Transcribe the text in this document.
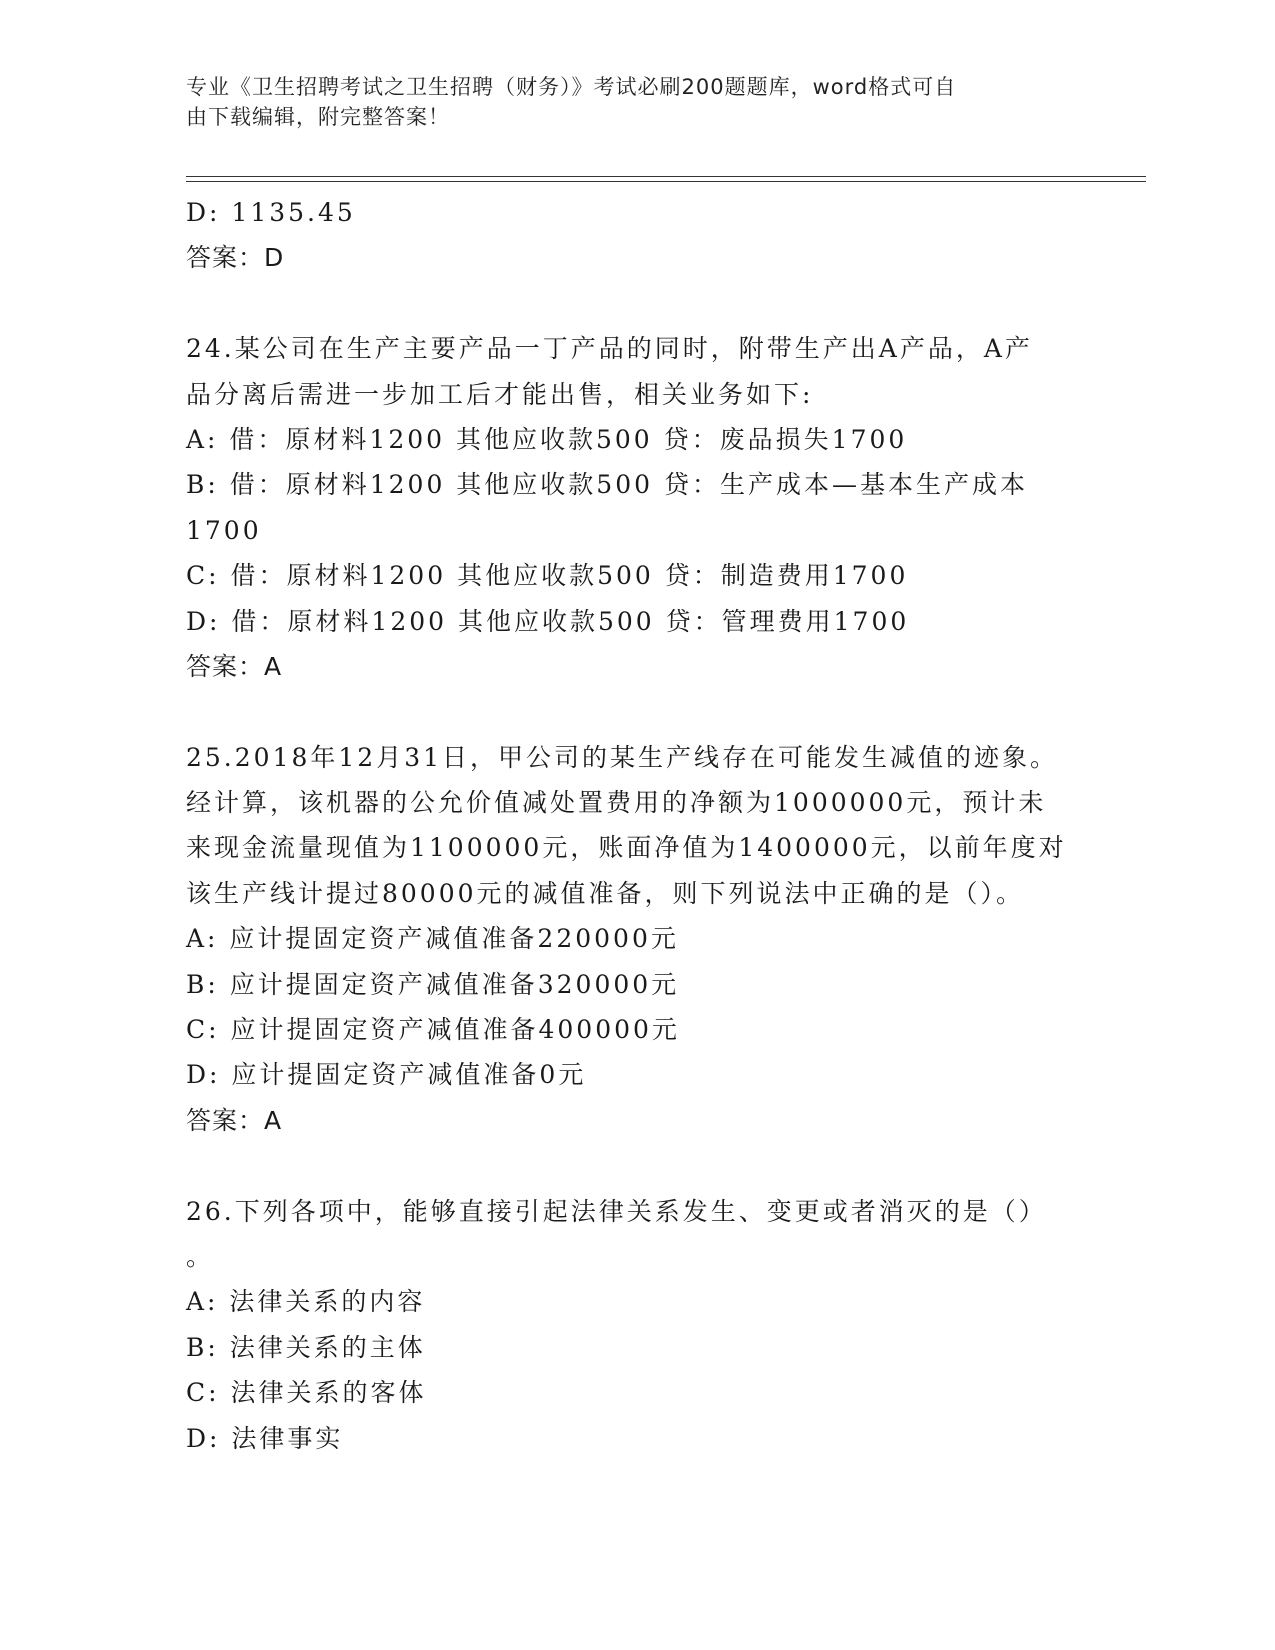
专业《卫生招聘考试之卫生招聘（财务）》考试必刷200题题库，word格式可自
由下载编辑，附完整答案！
D: 1135.45
答案：D
24.某公司在生产主要产品一丁产品的同时，附带生产出A产品，A产
品分离后需进一步加工后才能出售，相关业务如下:
A: 借：原材料1200 其他应收款500 贷：废品损失1700
B: 借：原材料1200 其他应收款500 贷：生产成本—基本生产成本
1700
C: 借：原材料1200 其他应收款500 贷：制造费用1700
D: 借：原材料1200 其他应收款500 贷：管理费用1700
答案：A
25.2018年12月31日，甲公司的某生产线存在可能发生减值的迹象。
经计算，该机器的公允价值减处置费用的净额为1000000元，预计未
来现金流量现值为1100000元，账面净值为1400000元，以前年度对
该生产线计提过80000元的减值准备，则下列说法中正确的是（）。
A: 应计提固定资产减值准备220000元
B: 应计提固定资产减值准备320000元
C: 应计提固定资产减值准备400000元
D: 应计提固定资产减值准备0元
答案：A
26.下列各项中，能够直接引起法律关系发生、变更或者消灭的是（）
。
A: 法律关系的内容
B: 法律关系的主体
C: 法律关系的客体
D: 法律事实
